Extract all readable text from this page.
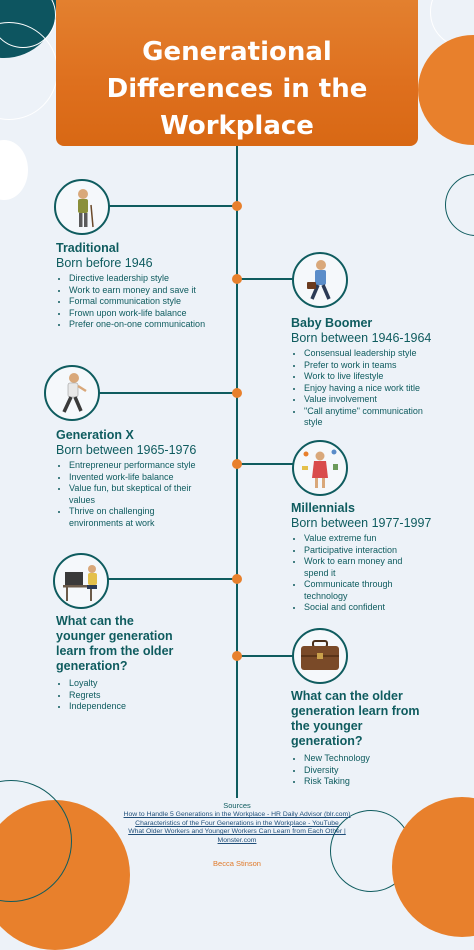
Generational Differences in the Workplace
Traditional
Born before 1946
• Directive leadership style
• Work to earn money and save it
• Formal communication style
• Frown upon work-life balance
• Prefer one-on-one communication	Baby Boomer
Born between 1946-1964
• Consensual leadership style
• Prefer to work in teams
• Work to live lifestyle
• Enjoy having a nice work title
• Value involvement
• "Call anytime" communication style
Generation X
Born between 1965-1976
• Entrepreneur performance style
• Invented work-life balance
• Value fun, but skeptical of their values
• Thrive on challenging environments at work
Millennials
Born between 1977-1997
• Value extreme fun
• Participative interaction
• Work to earn money and spend it
• Communicate through technology
• Social and confident
What can the younger generation learn from the older generation?
• Loyalty
• Regrets
• Independence
What can the older generation learn from the younger generation?
• New Technology
• Diversity
• Risk Taking
Sources
How to Handle 5 Generations in the Workplace - HR Daily Advisor (blr.com)
Characteristics of the Four Generations in the Workplace - YouTube
What Older Workers and Younger Workers Can Learn from Each Other | Monster.com
Becca Stinson
